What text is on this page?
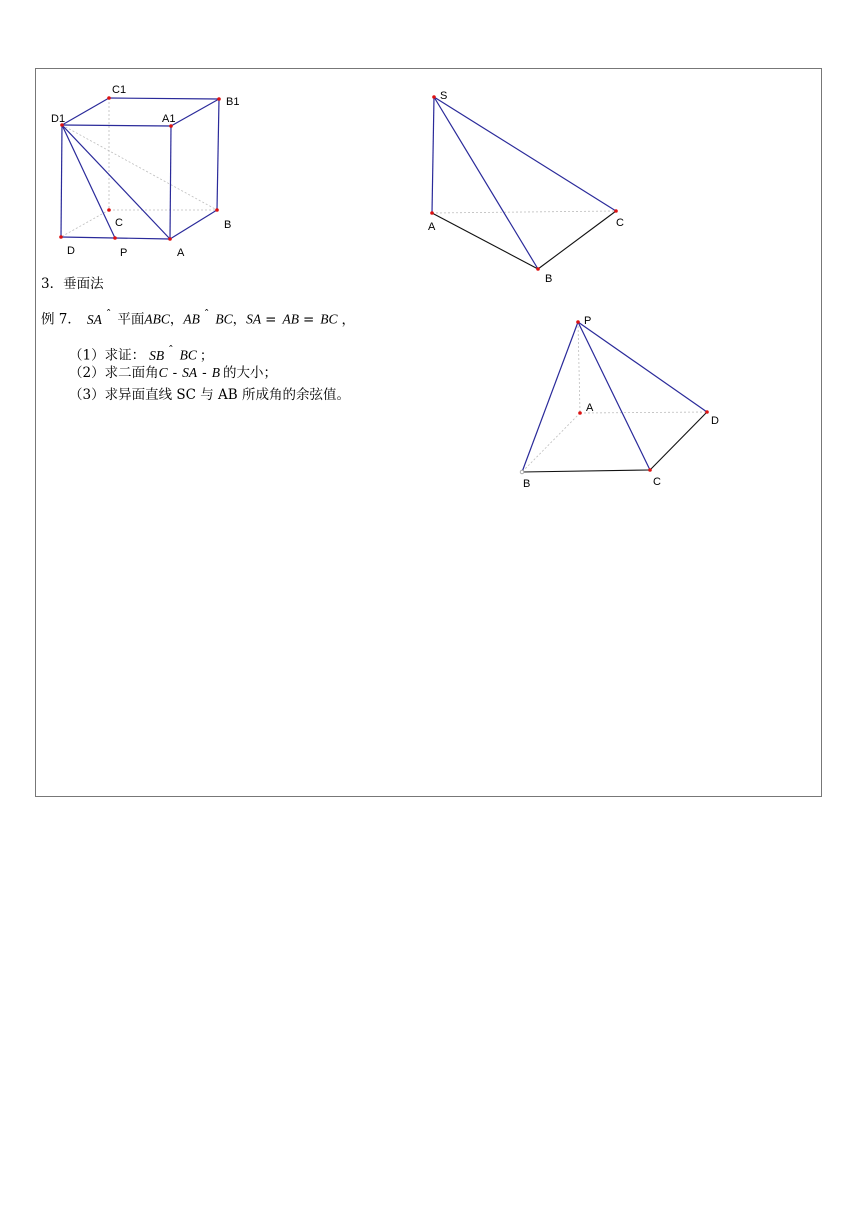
C1
B1
D1	A1
C	B
D	P	A
S
A	C
B
P
A
D
B	C
3．垂面法
例 7． SA $^ˆ$ 平面ABC，AB $^ˆ$ BC，SA = AB = BC ，
（1）求证： SB $^ˆ$ BC ；
（2）求二面角C - SA - B 的大小；
（3）求异面直线 SC 与 AB 所成角的余弦值。
